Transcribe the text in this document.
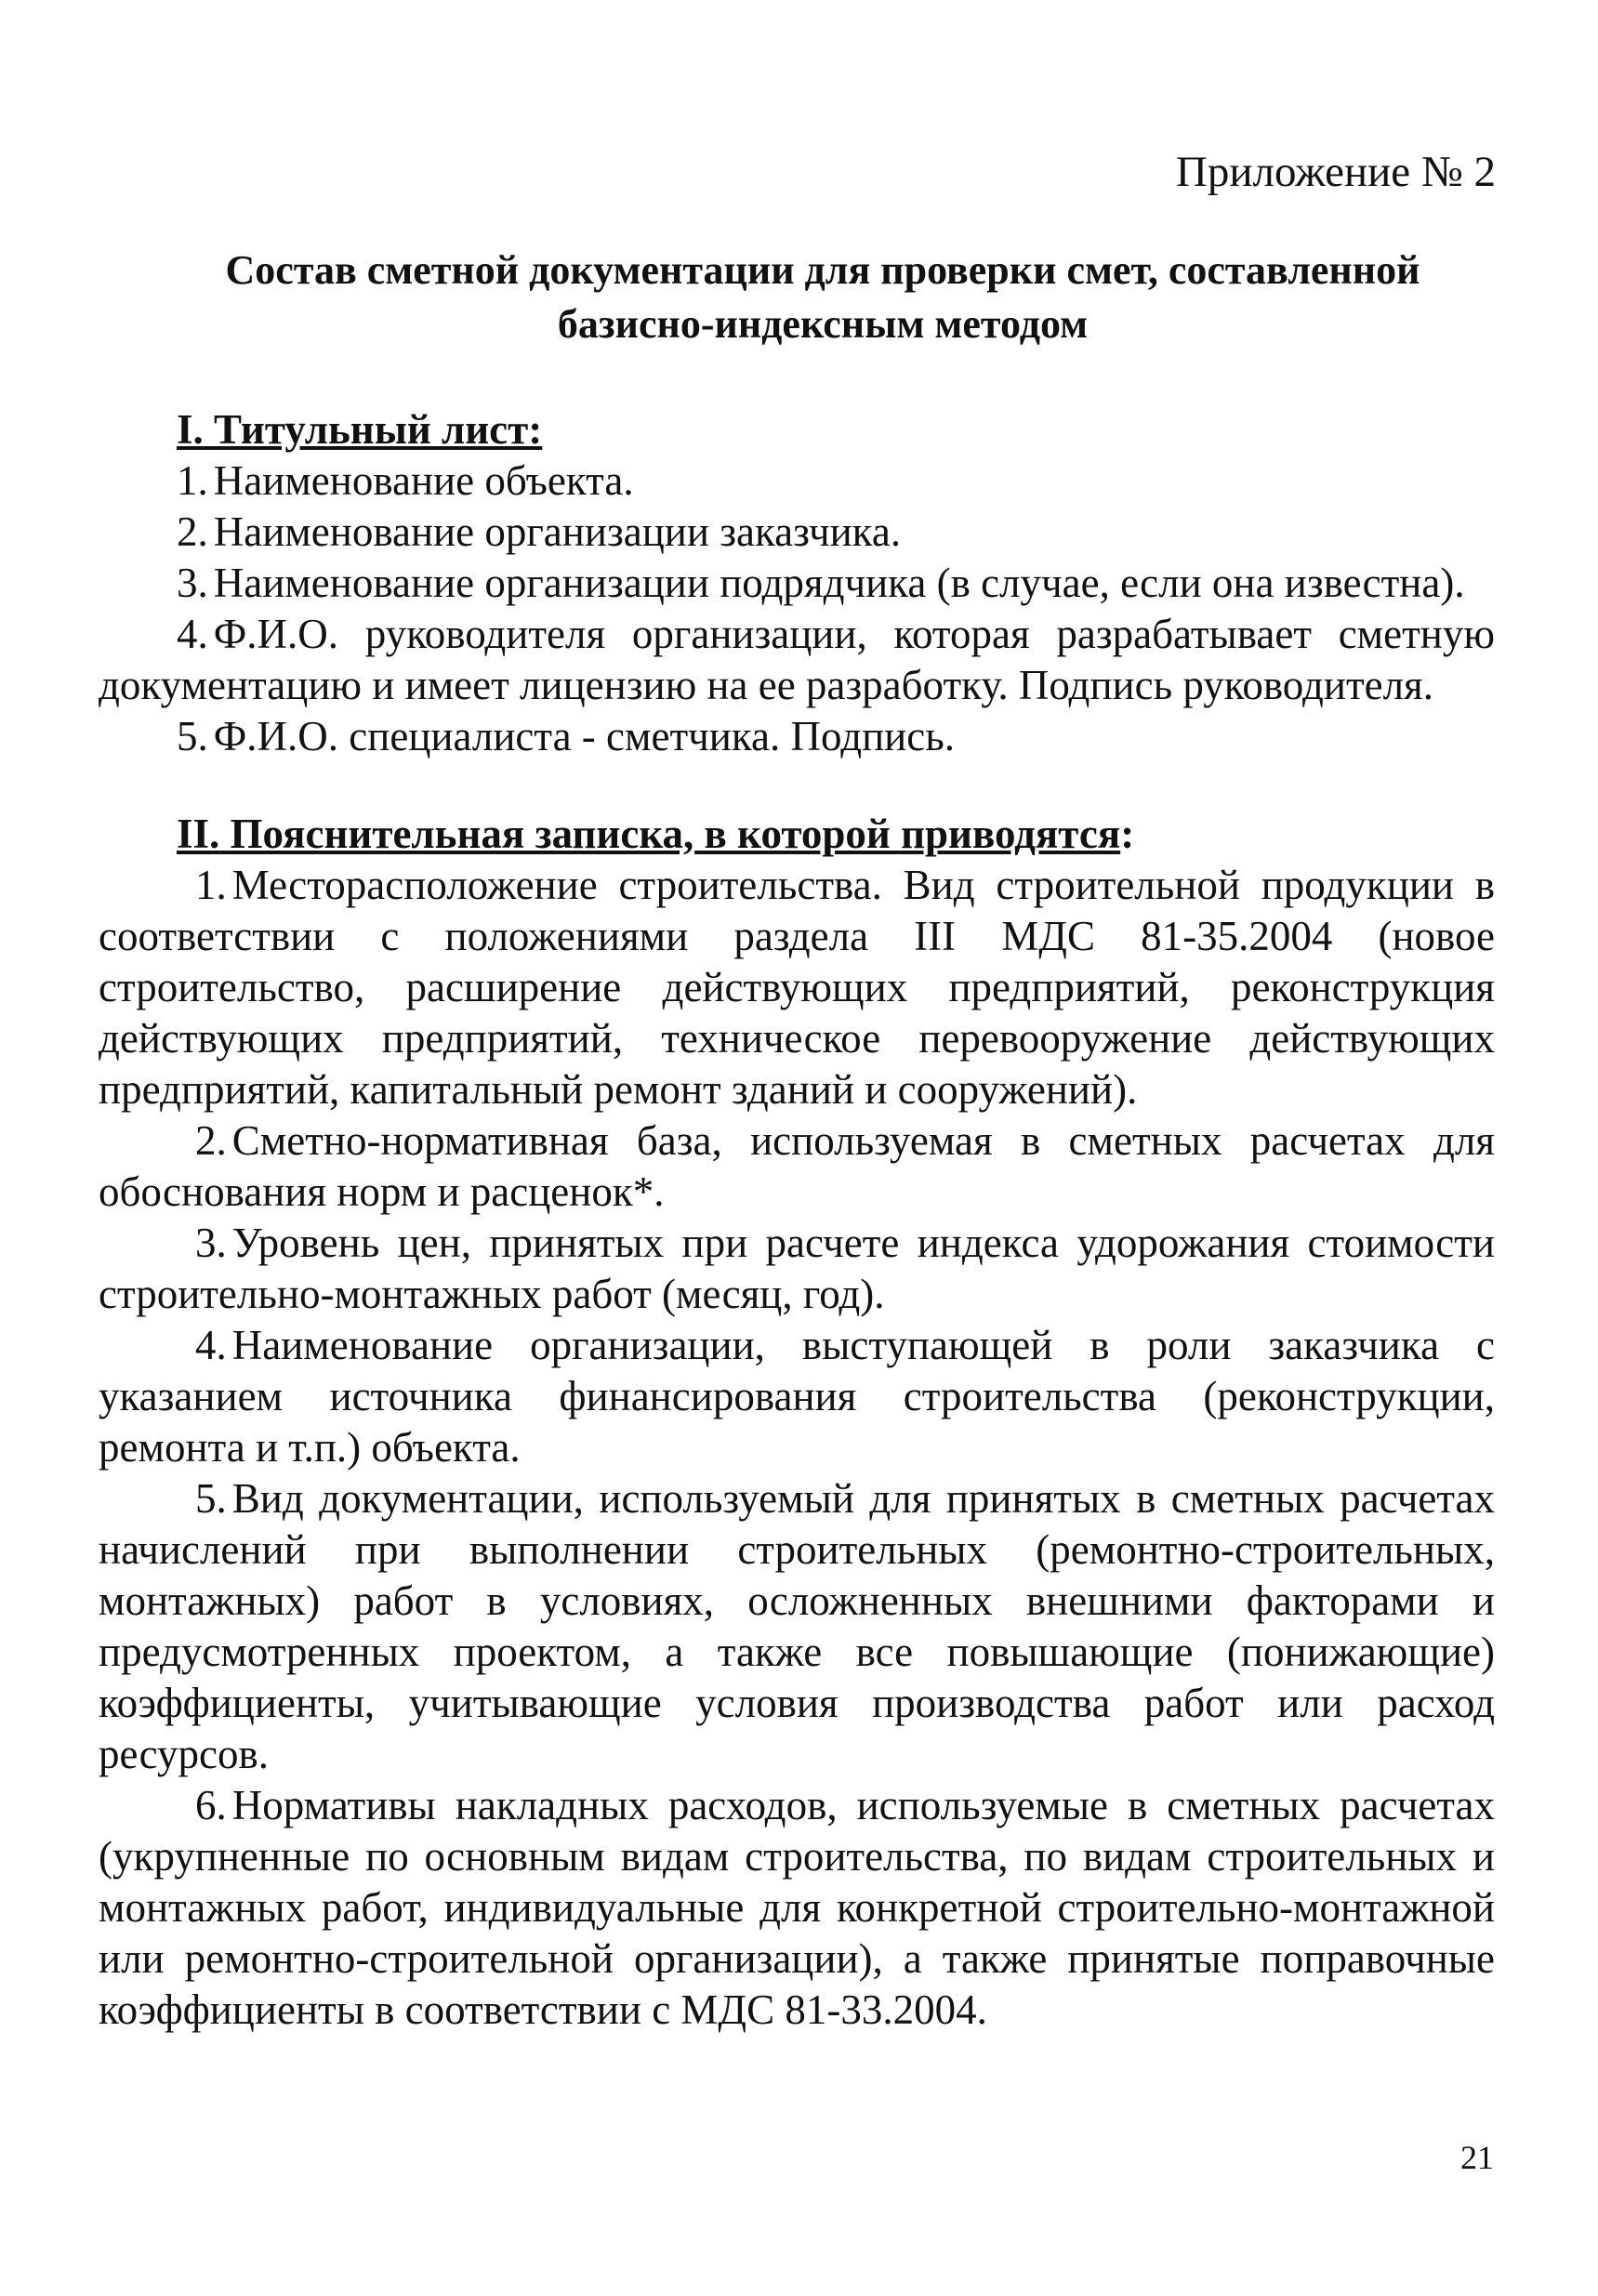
Приложение № 2
Состав сметной документации для проверки смет, составленной
базисно-индексным методом
I. Титульный лист:

1. Наименование объекта.

2. Наименование организации заказчика.

3. Наименование организации подрядчика (в случае, если она известна).

4. Ф.И.О. руководителя организации, которая разрабатывает сметную документацию и имеет лицензию на ее разработку. Подпись руководителя.

5. Ф.И.О. специалиста - сметчика. Подпись.

II. Пояснительная записка, в которой приводятся:

1. Месторасположение строительства. Вид строительной продукции в соответствии с положениями раздела III МДС 81-35.2004 (новое строительство, расширение действующих предприятий, реконструкция действующих предприятий, техническое перевооружение действующих предприятий, капитальный ремонт зданий и сооружений).

2. Сметно-нормативная база, используемая в сметных расчетах для обоснования норм и расценок*.

3. Уровень цен, принятых при расчете индекса удорожания стоимости строительно-монтажных работ (месяц, год).

4. Наименование организации, выступающей в роли заказчика с указанием источника финансирования строительства (реконструкции, ремонта и т.п.) объекта.

5. Вид документации, используемый для принятых в сметных расчетах начислений при выполнении строительных (ремонтно-строительных, монтажных) работ в условиях, осложненных внешними факторами и предусмотренных проектом, а также все повышающие (понижающие) коэффициенты, учитывающие условия производства работ или расход ресурсов.

6. Нормативы накладных расходов, используемые в сметных расчетах (укрупненные по основным видам строительства, по видам строительных и монтажных работ, индивидуальные для конкретной строительно-монтажной или ремонтно-строительной организации), а также принятые поправочные коэффициенты в соответствии с МДС 81-33.2004.

21
